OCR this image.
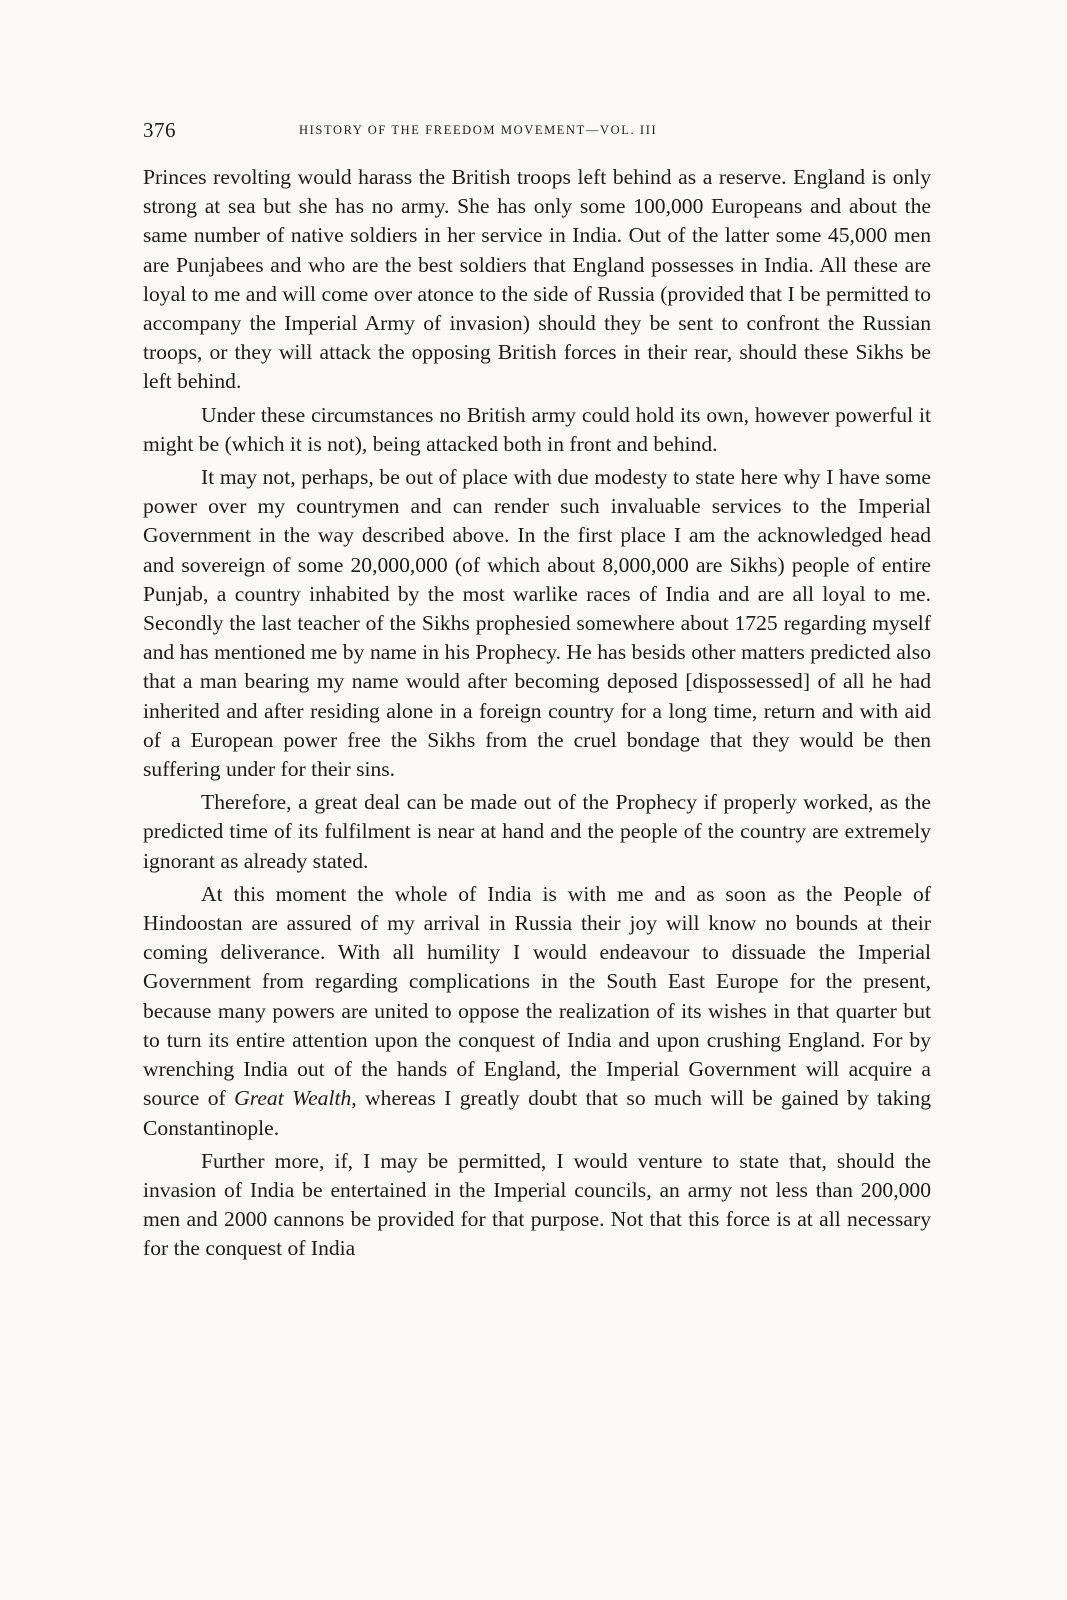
376	HISTORY OF THE FREEDOM MOVEMENT—VOL. III

Princes revolting would harass the British troops left behind as a reserve. England is only strong at sea but she has no army. She has only some 100,000 Europeans and about the same number of native soldiers in her service in India. Out of the latter some 45,000 men are Punjabees and who are the best soldiers that England possesses in India. All these are loyal to me and will come over atonce to the side of Russia (provided that I be permitted to accompany the Imperial Army of invasion) should they be sent to confront the Russian troops, or they will attack the opposing British forces in their rear, should these Sikhs be left behind.

Under these circumstances no British army could hold its own, however powerful it might be (which it is not), being attacked both in front and behind.

It may not, perhaps, be out of place with due modesty to state here why I have some power over my countrymen and can render such invaluable services to the Imperial Government in the way described above. In the first place I am the acknowledged head and sovereign of some 20,000,000 (of which about 8,000,000 are Sikhs) people of entire Punjab, a country inhabited by the most warlike races of India and are all loyal to me. Secondly the last teacher of the Sikhs prophesied somewhere about 1725 regarding myself and has mentioned me by name in his Prophecy. He has besids other matters predicted also that a man bearing my name would after becoming deposed [dispossessed] of all he had inherited and after residing alone in a foreign country for a long time, return and with aid of a European power free the Sikhs from the cruel bondage that they would be then suffering under for their sins.

Therefore, a great deal can be made out of the Prophecy if properly worked, as the predicted time of its fulfilment is near at hand and the people of the country are extremely ignorant as already stated.

At this moment the whole of India is with me and as soon as the People of Hindoostan are assured of my arrival in Russia their joy will know no bounds at their coming deliverance. With all humility I would endeavour to dissuade the Imperial Government from regarding complications in the South East Europe for the present, because many powers are united to oppose the realization of its wishes in that quarter but to turn its entire attention upon the conquest of India and upon crushing England. For by wrenching India out of the hands of England, the Imperial Government will acquire a source of Great Wealth, whereas I greatly doubt that so much will be gained by taking Constantinople.

Further more, if, I may be permitted, I would venture to state that, should the invasion of India be entertained in the Imperial councils, an army not less than 200,000 men and 2000 cannons be provided for that purpose. Not that this force is at all necessary for the conquest of India
